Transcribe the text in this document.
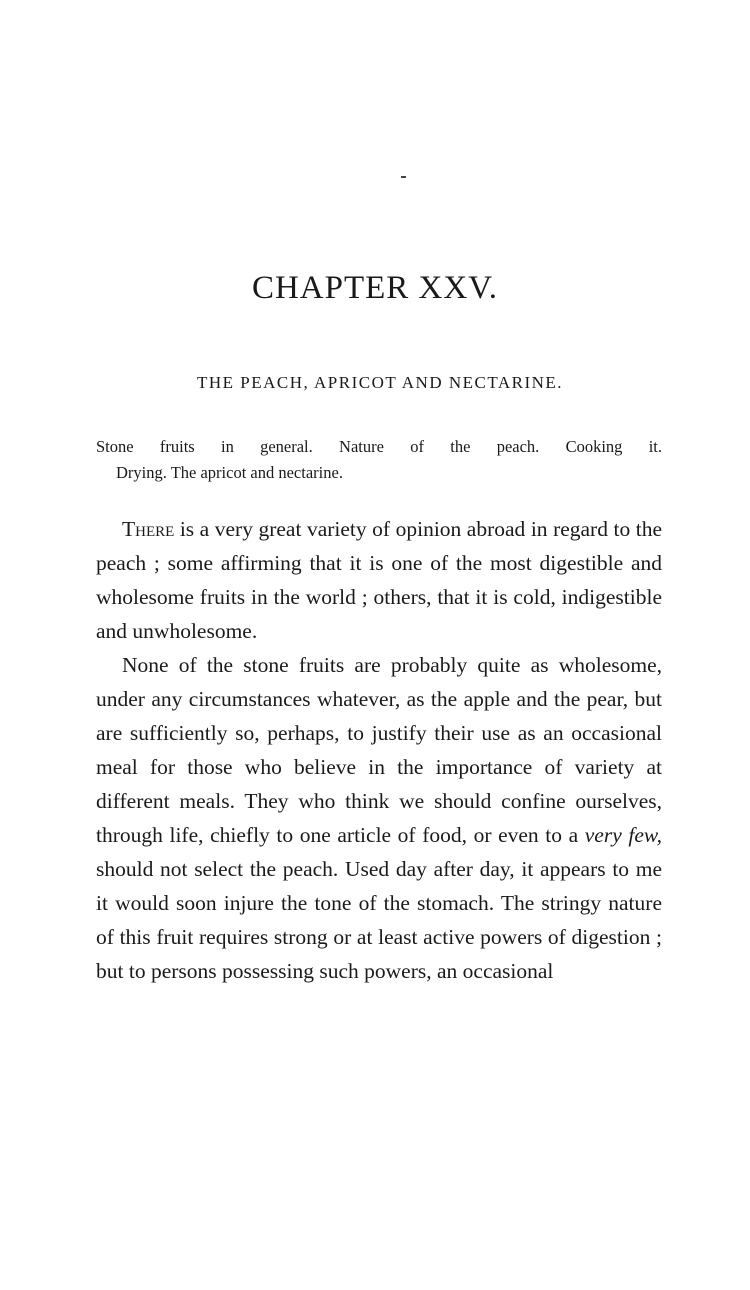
CHAPTER XXV.
THE PEACH, APRICOT AND NECTARINE.

Stone fruits in general. Nature of the peach. Cooking it.
Drying. The apricot and nectarine.

There is a very great variety of opinion abroad in regard to the peach ; some affirming that it is one of the most digestible and wholesome fruits in the world ; others, that it is cold, indigestible and unwholesome.

None of the stone fruits are probably quite as wholesome, under any circumstances whatever, as the apple and the pear, but are sufficiently so, perhaps, to justify their use as an occasional meal for those who believe in the importance of variety at different meals. They who think we should confine ourselves, through life, chiefly to one article of food, or even to a very few, should not select the peach. Used day after day, it appears to me it would soon injure the tone of the stomach. The stringy nature of this fruit requires strong or at least active powers of digestion ; but to persons possessing such powers, an occasional
